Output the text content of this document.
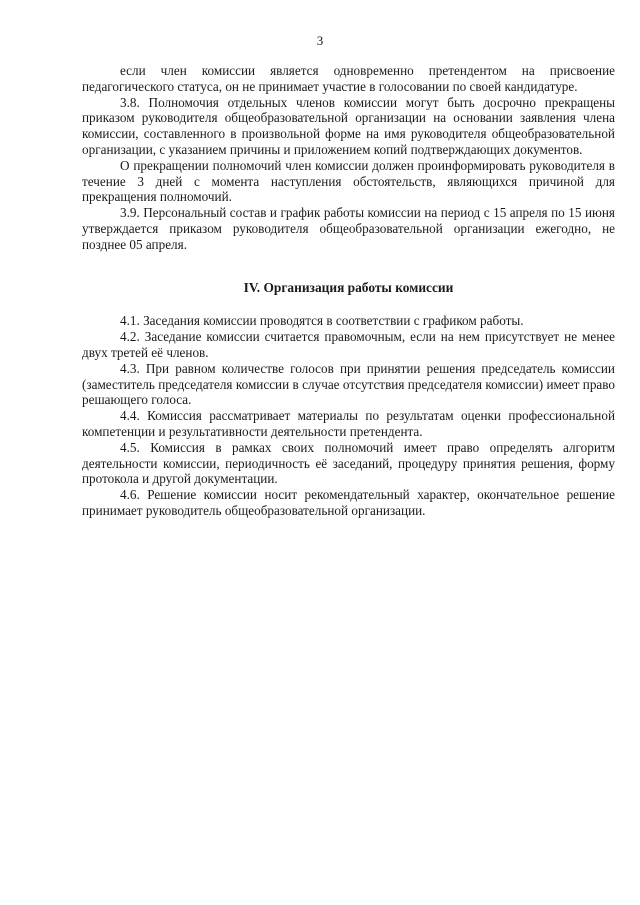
3

если член комиссии является одновременно претендентом на присвоение педагогического статуса, он не принимает участие в голосовании по своей кандидатуре.

3.8. Полномочия отдельных членов комиссии могут быть досрочно прекращены приказом руководителя общеобразовательной организации на основании заявления члена комиссии, составленного в произвольной форме на имя руководителя общеобразовательной организации, с указанием причины и приложением копий подтверждающих документов.

О прекращении полномочий член комиссии должен проинформировать руководителя в течение 3 дней с момента наступления обстоятельств, являющихся причиной для прекращения полномочий.

3.9. Персональный состав и график работы комиссии на период с 15 апреля по 15 июня утверждается приказом руководителя общеобразовательной организации ежегодно, не позднее 05 апреля.

IV. Организация работы комиссии

4.1. Заседания комиссии проводятся в соответствии с графиком работы.

4.2. Заседание комиссии считается правомочным, если на нем присутствует не менее двух третей её членов.

4.3. При равном количестве голосов при принятии решения председатель комиссии (заместитель председателя комиссии в случае отсутствия председателя комиссии) имеет право решающего голоса.

4.4. Комиссия рассматривает материалы по результатам оценки профессиональной компетенции и результативности деятельности претендента.

4.5. Комиссия в рамках своих полномочий имеет право определять алгоритм деятельности комиссии, периодичность её заседаний, процедуру принятия решения, форму протокола и другой документации.

4.6. Решение комиссии носит рекомендательный характер, окончательное решение принимает руководитель общеобразовательной организации.
